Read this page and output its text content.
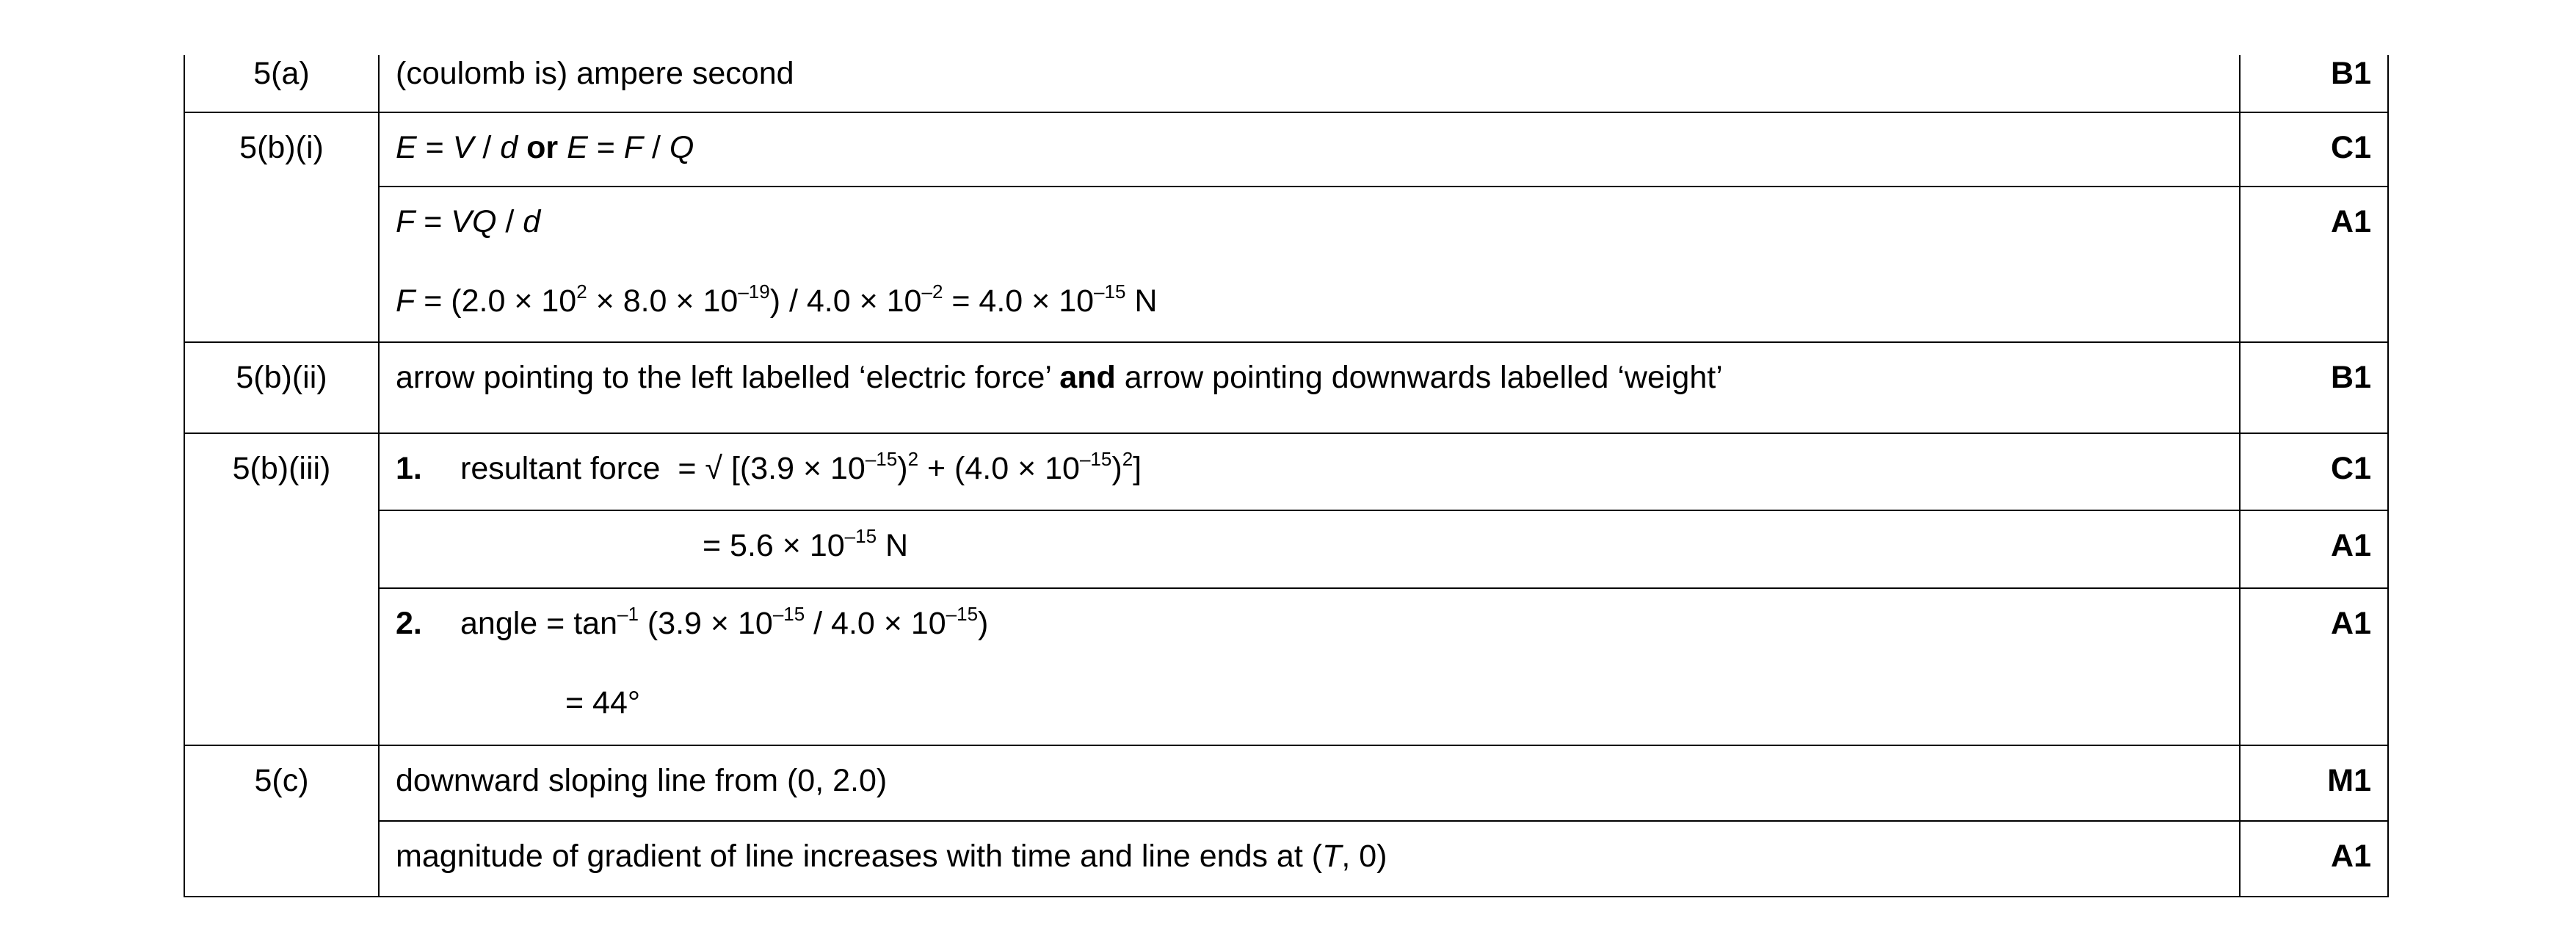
5(a)	(coulomb is) ampere second	B1

5(b)(i)	E = V / d or E = F / Q	C1

	F = VQ / d
$F = (2.0 \times 10^2 \times 8.0 \times 10^{-19}) / 4.0 \times 10^{-2} = 4.0 \times 10^{-15}$ N	A1

5(b)(ii)	arrow pointing to the left labelled ‘electric force’ and arrow pointing downwards labelled ‘weight’	B1

5(b)(iii)	1. resultant force  = √ $[(3.9 \times 10^{-15})^2 + (4.0 \times 10^{-15})^2]$	C1

	= $5.6 \times 10^{-15}$ N	A1

	2. angle = $\tan^{-1} (3.9 \times 10^{-15} / 4.0 \times 10^{-15})$
= 44°	A1

5(c)	downward sloping line from (0, 2.0)	M1

	magnitude of gradient of line increases with time and line ends at (T, 0)	A1
